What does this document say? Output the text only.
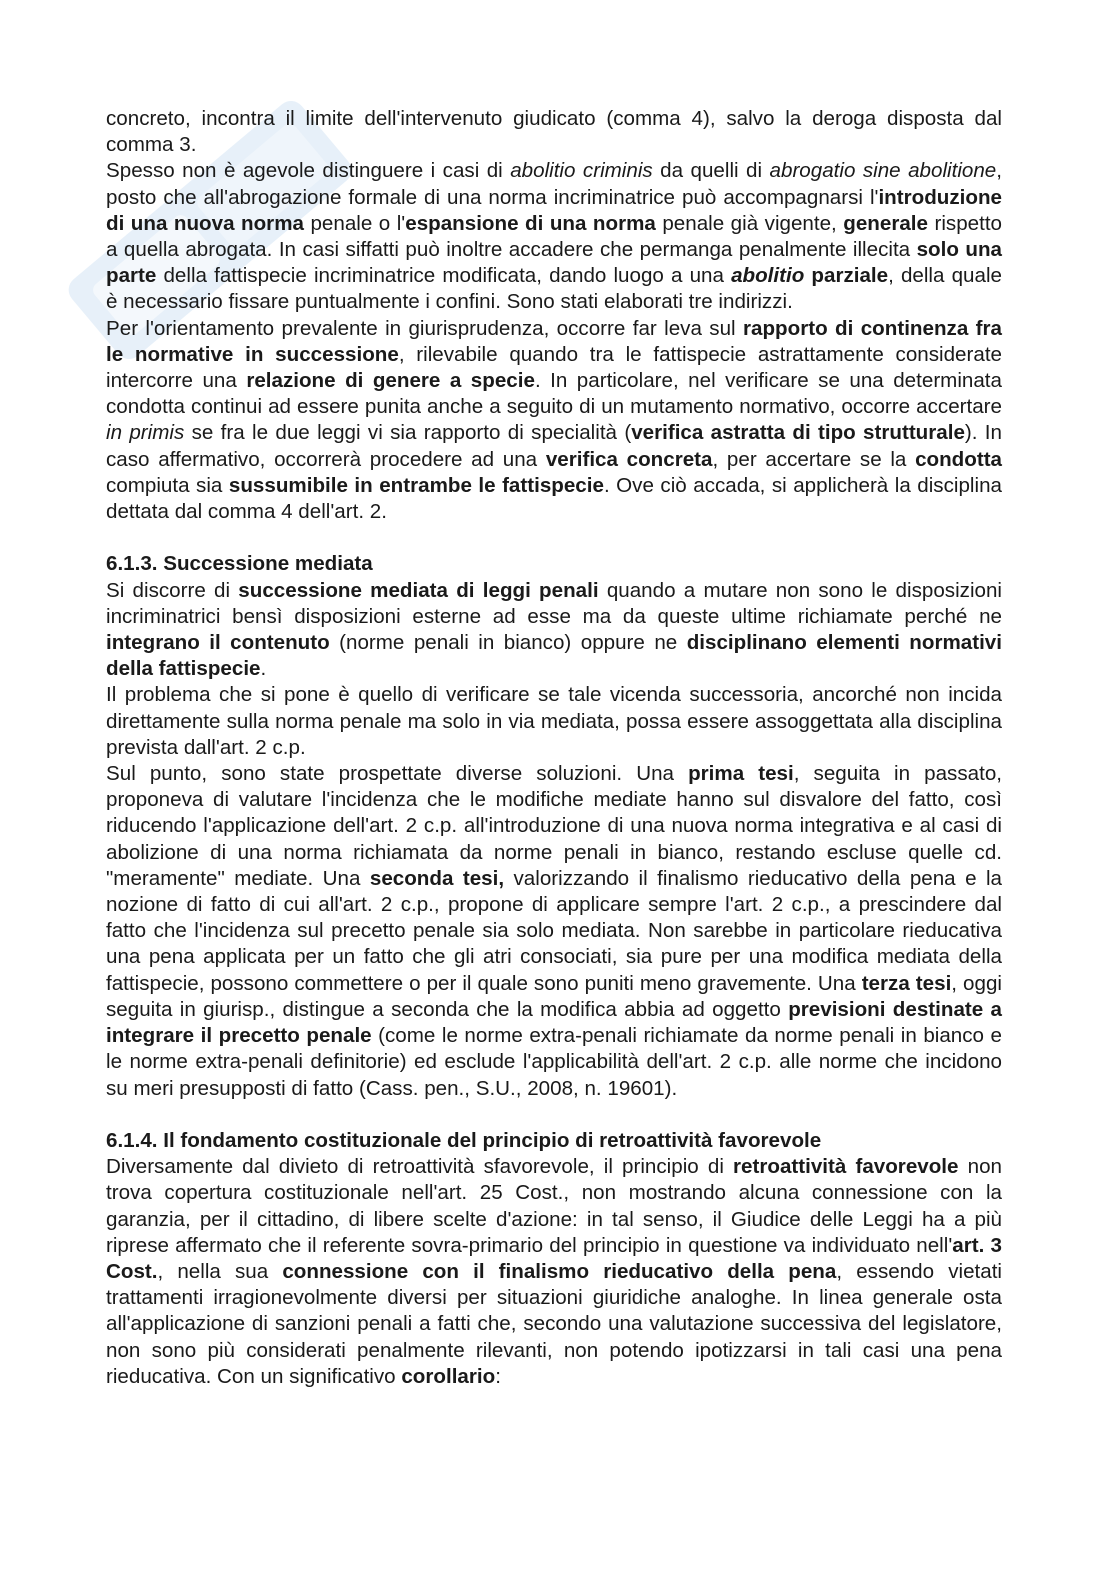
concreto, incontra il limite dell'intervenuto giudicato (comma 4), salvo la deroga disposta dal comma 3.

Spesso non è agevole distinguere i casi di abolitio criminis da quelli di abrogatio sine abolitione, posto che all'abrogazione formale di una norma incriminatrice può accompagnarsi l'introduzione di una nuova norma penale o l'espansione di una norma penale già vigente, generale rispetto a quella abrogata. In casi siffatti può inoltre accadere che permanga penalmente illecita solo una parte della fattispecie incriminatrice modificata, dando luogo a una abolitio parziale, della quale è necessario fissare puntualmente i confini. Sono stati elaborati tre indirizzi.

Per l'orientamento prevalente in giurisprudenza, occorre far leva sul rapporto di continenza fra le normative in successione, rilevabile quando tra le fattispecie astrattamente considerate intercorre una relazione di genere a specie. In particolare, nel verificare se una determinata condotta continui ad essere punita anche a seguito di un mutamento normativo, occorre accertare in primis se fra le due leggi vi sia rapporto di specialità (verifica astratta di tipo strutturale). In caso affermativo, occorrerà procedere ad una verifica concreta, per accertare se la condotta compiuta sia sussumibile in entrambe le fattispecie. Ove ciò accada, si applicherà la disciplina dettata dal comma 4 dell'art. 2.

6.1.3. Successione mediata

Si discorre di successione mediata di leggi penali quando a mutare non sono le disposizioni incriminatrici bensì disposizioni esterne ad esse ma da queste ultime richiamate perché ne integrano il contenuto (norme penali in bianco) oppure ne disciplinano elementi normativi della fattispecie.

Il problema che si pone è quello di verificare se tale vicenda successoria, ancorché non incida direttamente sulla norma penale ma solo in via mediata, possa essere assoggettata alla disciplina prevista dall'art. 2 c.p.

Sul punto, sono state prospettate diverse soluzioni. Una prima tesi, seguita in passato, proponeva di valutare l'incidenza che le modifiche mediate hanno sul disvalore del fatto, così riducendo l'applicazione dell'art. 2 c.p. all'introduzione di una nuova norma integrativa e al casi di abolizione di una norma richiamata da norme penali in bianco, restando escluse quelle cd. "meramente" mediate. Una seconda tesi, valorizzando il finalismo rieducativo della pena e la nozione di fatto di cui all'art. 2 c.p., propone di applicare sempre l'art. 2 c.p., a prescindere dal fatto che l'incidenza sul precetto penale sia solo mediata. Non sarebbe in particolare rieducativa una pena applicata per un fatto che gli atri consociati, sia pure per una modifica mediata della fattispecie, possono commettere o per il quale sono puniti meno gravemente. Una terza tesi, oggi seguita in giurisp., distingue a seconda che la modifica abbia ad oggetto previsioni destinate a integrare il precetto penale (come le norme extra-penali richiamate da norme penali in bianco e le norme extra-penali definitorie) ed esclude l'applicabilità dell'art. 2 c.p. alle norme che incidono su meri presupposti di fatto (Cass. pen., S.U., 2008, n. 19601).

6.1.4. Il fondamento costituzionale del principio di retroattività favorevole

Diversamente dal divieto di retroattività sfavorevole, il principio di retroattività favorevole non trova copertura costituzionale nell'art. 25 Cost., non mostrando alcuna connessione con la garanzia, per il cittadino, di libere scelte d'azione: in tal senso, il Giudice delle Leggi ha a più riprese affermato che il referente sovra-primario del principio in questione va individuato nell'art. 3 Cost., nella sua connessione con il finalismo rieducativo della pena, essendo vietati trattamenti irragionevolmente diversi per situazioni giuridiche analoghe. In linea generale osta all'applicazione di sanzioni penali a fatti che, secondo una valutazione successiva del legislatore, non sono più considerati penalmente rilevanti, non potendo ipotizzarsi in tali casi una pena rieducativa. Con un significativo corollario:
